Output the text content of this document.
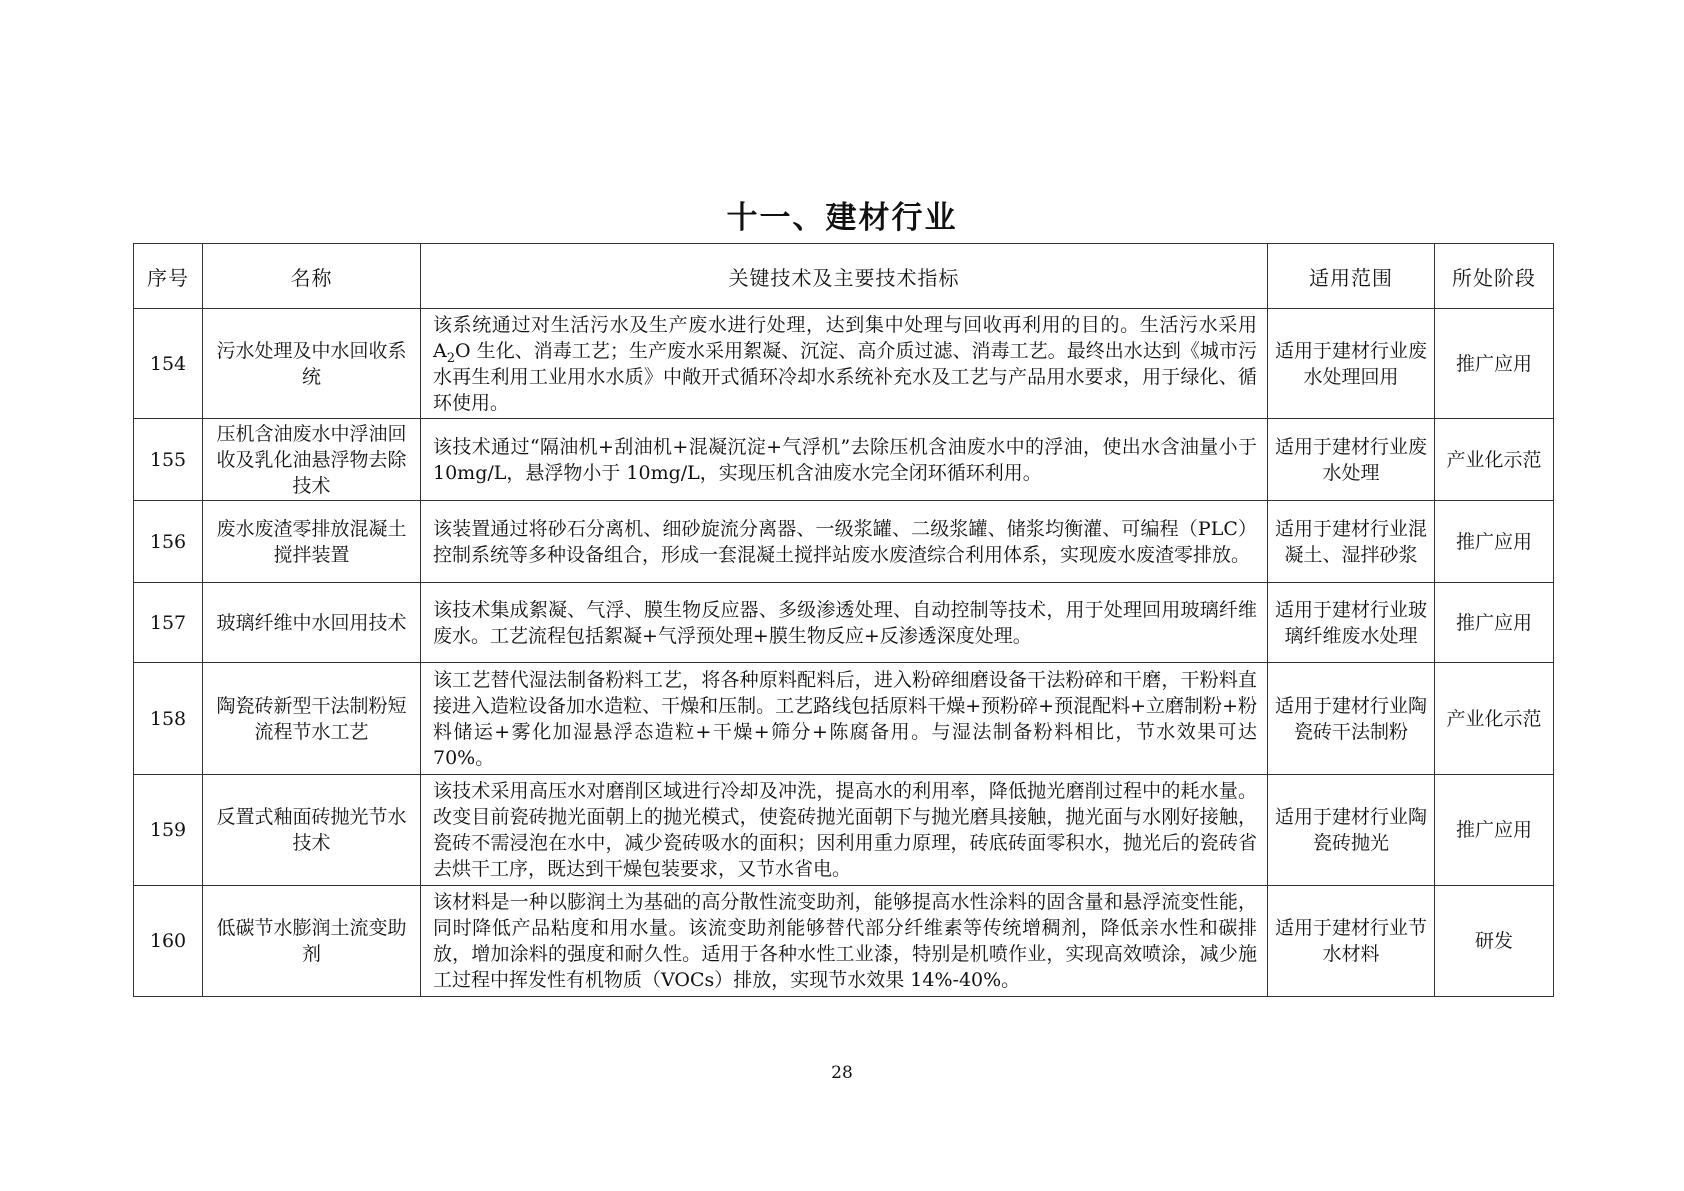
十一、建材行业
序号	名称	关键技术及主要技术指标	适用范围	所处阶段
154	污水处理及中水回收系统	该系统通过对生活污水及生产废水进行处理，达到集中处理与回收再利用的目的。生活污水采用 $A_2O$ 生化、消毒工艺；生产废水采用絮凝、沉淀、高介质过滤、消毒工艺。最终出水达到《城市污水再生利用工业用水水质》中敞开式循环冷却水系统补充水及工艺与产品用水要求，用于绿化、循环使用。	适用于建材行业废水处理回用	推广应用
155	压机含油废水中浮油回收及乳化油悬浮物去除技术	该技术通过“隔油机+刮油机+混凝沉淀+气浮机”去除压机含油废水中的浮油，使出水含油量小于 10mg/L，悬浮物小于 10mg/L，实现压机含油废水完全闭环循环利用。	适用于建材行业废水处理	产业化示范
156	废水废渣零排放混凝土搅拌装置	该装置通过将砂石分离机、细砂旋流分离器、一级浆罐、二级浆罐、储浆均衡灌、可编程（PLC）控制系统等多种设备组合，形成一套混凝土搅拌站废水废渣综合利用体系，实现废水废渣零排放。	适用于建材行业混凝土、湿拌砂浆	推广应用
157	玻璃纤维中水回用技术	该技术集成絮凝、气浮、膜生物反应器、多级渗透处理、自动控制等技术，用于处理回用玻璃纤维废水。工艺流程包括絮凝+气浮预处理+膜生物反应+反渗透深度处理。	适用于建材行业玻璃纤维废水处理	推广应用
158	陶瓷砖新型干法制粉短流程节水工艺	该工艺替代湿法制备粉料工艺，将各种原料配料后，进入粉碎细磨设备干法粉碎和干磨，干粉料直接进入造粒设备加水造粒、干燥和压制。工艺路线包括原料干燥+预粉碎+预混配料+立磨制粉+粉料储运+雾化加湿悬浮态造粒+干燥+筛分+陈腐备用。与湿法制备粉料相比，节水效果可达 70%。	适用于建材行业陶瓷砖干法制粉	产业化示范
159	反置式釉面砖抛光节水技术	该技术采用高压水对磨削区域进行冷却及冲洗，提高水的利用率，降低抛光磨削过程中的耗水量。改变目前瓷砖抛光面朝上的抛光模式，使瓷砖抛光面朝下与抛光磨具接触，抛光面与水刚好接触，瓷砖不需浸泡在水中，减少瓷砖吸水的面积；因利用重力原理，砖底砖面零积水，抛光后的瓷砖省去烘干工序，既达到干燥包装要求，又节水省电。	适用于建材行业陶瓷砖抛光	推广应用
160	低碳节水膨润土流变助剂	该材料是一种以膨润土为基础的高分散性流变助剂，能够提高水性涂料的固含量和悬浮流变性能，同时降低产品粘度和用水量。该流变助剂能够替代部分纤维素等传统增稠剂，降低亲水性和碳排放，增加涂料的强度和耐久性。适用于各种水性工业漆，特别是机喷作业，实现高效喷涂，减少施工过程中挥发性有机物质（VOCs）排放，实现节水效果 14%-40%。	适用于建材行业节水材料	研发
28
